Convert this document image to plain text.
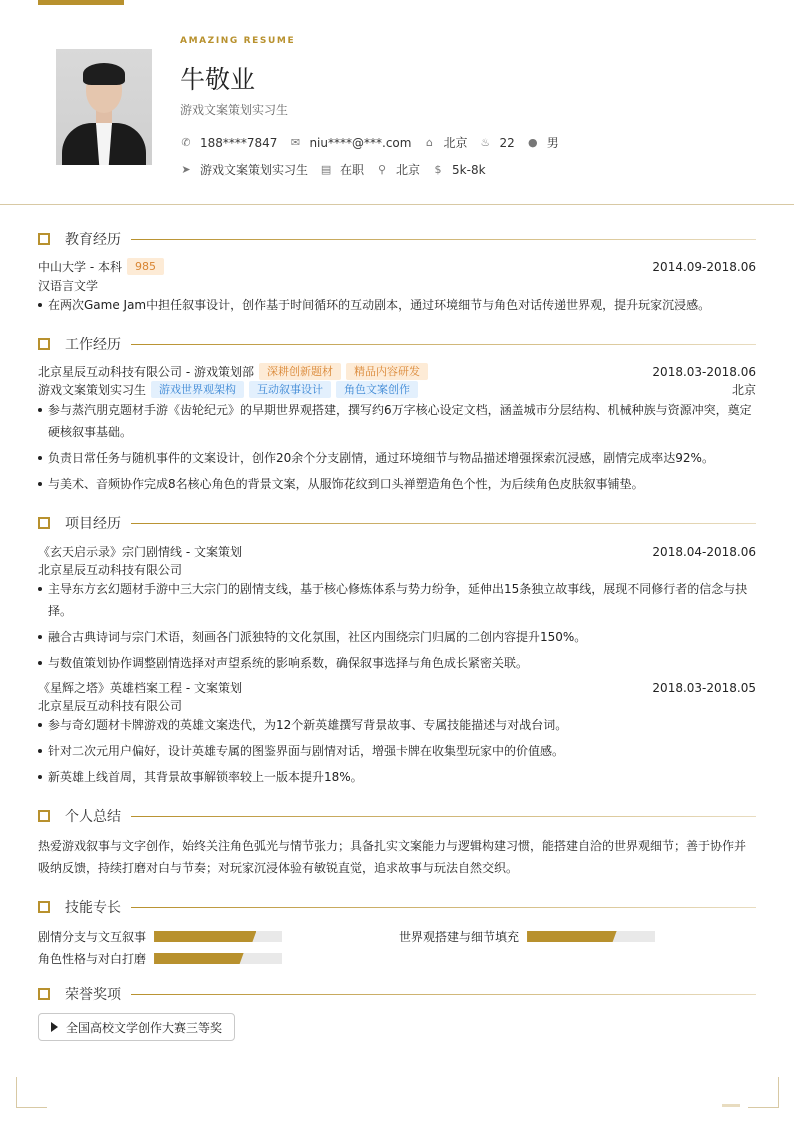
AMAZING RESUME
牛敬业
游戏文案策划实习生
✆ 188****7847 ✉ niu****@***.com ⌂ 北京 ♨ 22 ● 男
➤ 游戏文案策划实习生 ▤ 在职 ⚲ 北京 $ 5k-8k
教育经历
中山大学 - 本科	985	2014.09-2018.06
汉语言文学
在两次Game Jam中担任叙事设计，创作基于时间循环的互动剧本，通过环境细节与角色对话传递世界观，提升玩家沉浸感。
工作经历
北京星辰互动科技有限公司 - 游戏策划部	深耕创新题材	精品内容研发	2018.03-2018.06
游戏文案策划实习生	游戏世界观架构	互动叙事设计	角色文案创作	北京
参与蒸汽朋克题材手游《齿轮纪元》的早期世界观搭建，撰写约6万字核心设定文档，涵盖城市分层结构、机械种族与资源冲突，奠定
硬核叙事基础。
负责日常任务与随机事件的文案设计，创作20余个分支剧情，通过环境细节与物品描述增强探索沉浸感，剧情完成率达92%。
与美术、音频协作完成8名核心角色的背景文案，从服饰花纹到口头禅塑造角色个性，为后续角色皮肤叙事铺垫。
项目经历
《玄天启示录》宗门剧情线 - 文案策划	2018.04-2018.06
北京星辰互动科技有限公司
主导东方玄幻题材手游中三大宗门的剧情支线，基于核心修炼体系与势力纷争，延伸出15条独立故事线，展现不同修行者的信念与抉
择。
融合古典诗词与宗门术语，刻画各门派独特的文化氛围，社区内围绕宗门归属的二创内容提升150%。
与数值策划协作调整剧情选择对声望系统的影响系数，确保叙事选择与角色成长紧密关联。
《星辉之塔》英雄档案工程 - 文案策划	2018.03-2018.05
北京星辰互动科技有限公司
参与奇幻题材卡牌游戏的英雄文案迭代，为12个新英雄撰写背景故事、专属技能描述与对战台词。
针对二次元用户偏好，设计英雄专属的图鉴界面与剧情对话，增强卡牌在收集型玩家中的价值感。
新英雄上线首周，其背景故事解锁率较上一版本提升18%。
个人总结
热爱游戏叙事与文字创作，始终关注角色弧光与情节张力；具备扎实文案能力与逻辑构建习惯，能搭建自洽的世界观细节；善于协作并
吸纳反馈，持续打磨对白与节奏；对玩家沉浸体验有敏锐直觉，追求故事与玩法自然交织。
技能专长
剧情分支与文互叙事	世界观搭建与细节填充
角色性格与对白打磨
荣誉奖项
全国高校文学创作大赛三等奖
